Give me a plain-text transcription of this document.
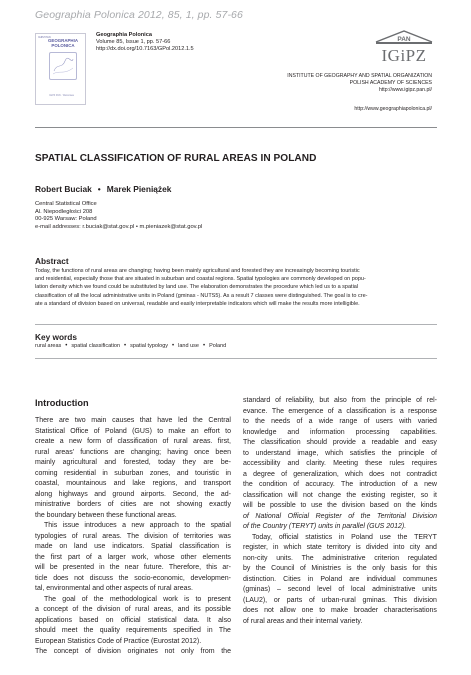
Geographia Polonica 2012, 85, 1, pp. 57-66
IGIPZ PAN
GEOGRAPHIA POLONICA
IGiPZ PAN · Warszawa
Geographia Polonica
Volume 85, Issue 1, pp. 57-66
http://dx.doi.org/10.7163/GPol.2012.1.5
PAN
IGiPZ
INSTITUTE OF GEOGRAPHY AND SPATIAL ORGANIZATION
POLISH ACADEMY OF SCIENCES
http://www.igipz.pan.pl/
http://www.geographiapolonica.pl/
SPATIAL CLASSIFICATION OF RURAL AREAS IN POLAND
Robert Buciak • Marek Pieniążek
Central Statistical Office
Al. Niepodległości 208
00-925 Warsaw: Poland
e-mail addresses: r.buciak@stat.gov.pl • m.pieniazek@stat.gov.pl
Abstract
Today, the functions of rural areas are changing; having been mainly agricultural and forested they are increasingly becoming touristic
and residential, especially those that are situated in suburban and coastal regions. Spatial typologies are commonly developed on popu-
lation density which we found could be substituted by land use. The elaboration demonstrates the procedure which led us to a spatial
classification of all the local administrative units in Poland (gminas - NUTS5). As a result 7 classes were distinguished. The goal is to cre-
ate a standard of division based on universal, readable and easily interpretable indicators which will make the results more intelligible.
Key words
rural areas • spatial classification • spatial typology • land use • Poland
Introduction
There are two main causes that have led the Central
Statistical Office of Poland (GUS) to make an effort to
create a new form of classification of rural areas. first,
rural areas' functions are changing; having once been
mainly agricultural and forested, today they are be-
coming residential in suburban zones, and touristic in
coastal, mountainous and lake regions, and transport
along highways and ground airports. Second, the ad-
ministrative borders of cities are not showing exactly
the boundary between these functional areas.
This issue introduces a new approach to the spatial
typologies of rural areas. The division of territories was
made on land use indicators. Spatial classification is
the first part of a larger work, whose other elements
will be presented in the near future. Therefore, this ar-
ticle does not discuss the socio-economic, developmen-
tal, environmental and other aspects of rural areas.
The goal of the methodological work is to present
a concept of the division of rural areas, and its possible
applications based on official statistical data. It also
should meet the quality requirements specified in The
European Statistics Code of Practice (Eurostat 2012).
The concept of division originates not only from the
standard of reliability, but also from the principle of rel-
evance. The emergence of a classification is a response
to the needs of a wide range of users with varied
knowledge and information processing capabilities.
The classification should provide a readable and easy
to understand image, which satisfies the principle of
accessibility and clarity. Meeting these rules requires
a degree of generalization, which does not contradict
the condition of accuracy. The introduction of a new
classification will not change the existing register, so it
will be possible to use the division based on the kinds
of National Official Register of the Territorial Division
of the Country (TERYT) units in parallel (GUS 2012).
Today, official statistics in Poland use the TERYT
register, in which state territory is divided into city and
non-city units. The administrative criterion regulated
by the Council of Ministries is the only basis for this
distinction. Cities in Poland are individual communes
(gminas) – second level of local administrative units
(LAU2), or parts of urban-rural gminas. This division
does not allow one to make broader characterisations
of rural areas and their internal variety.
